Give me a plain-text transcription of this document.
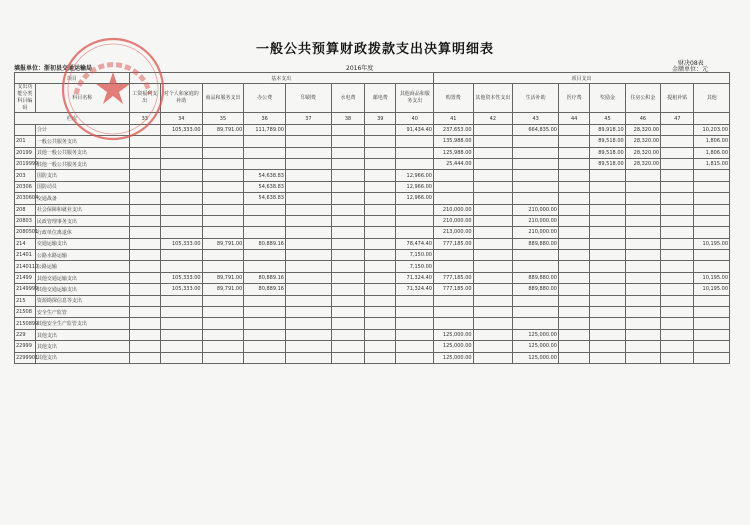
一般公共预算财政拨款支出决算明细表
财决08表
填报单位：浙初县交通运输局	2016年度	金额单位：元
项目		基本支出								项目支出							
支出功能分类科目编码	科目名称	工资福利支出	对个人和家庭的补助	商品和服务支出	办公费	印刷费	水电费	邮电费	其他商品和服务支出	购置费	其他资本性支出	生活补助	医疗费	奖励金	住房公积金	提租补贴	其他
栏次		33	34	35	36	37	38	39	40	41	42	43	44	45	46	47	
	合计		105,333.00	89,791.00	111,789.00				91,434.40	237,653.00		664,835.00		89,918.10	28,320.00		10,203.00
201	一般公共服务支出									135,988.00				89,518.00	28,320.00		1,806.00
20199	其他一般公共服务支出									125,988.00				89,518.00	28,320.00		1,806.00
2019999	其他一般公共服务支出									25,444.00				89,518.00	28,320.00		1,815.00
203	国防支出				54,638.83				12,966.00								
20306	国防动员				54,638.83				12,966.00								
2030604	交通战备				54,638.83				12,966.00								
208	社会保障和就业支出									210,000.00		210,000.00					
20803	民政管理事务支出									210,000.00		210,000.00					
2080501	行政单位离退休									213,000.00		210,000.00					
214	交通运输支出		105,333.00	89,791.00	80,889.16				78,474.40	777,185.00		889,880.00					10,195.00
21401	公路水路运输								7,150.00								
2140110	公路运输								7,150.00								
21499	其他交通运输支出		105,333.00	89,791.00	80,889.16				71,324.40	777,185.00		889,880.00					10,195.00
2149999	其他交通运输支出		105,333.00	89,791.00	80,889.16				71,324.40	777,185.00		889,880.00					10,195.00
215	资源勘探信息等支出																
21508	安全生产监管																
2150899	其他安全生产监管支出																
229	其他支出									125,000.00		125,000.00					
22999	其他支出									125,000.00		125,000.00					
2299901	其他支出									125,000.00		125,000.00					
